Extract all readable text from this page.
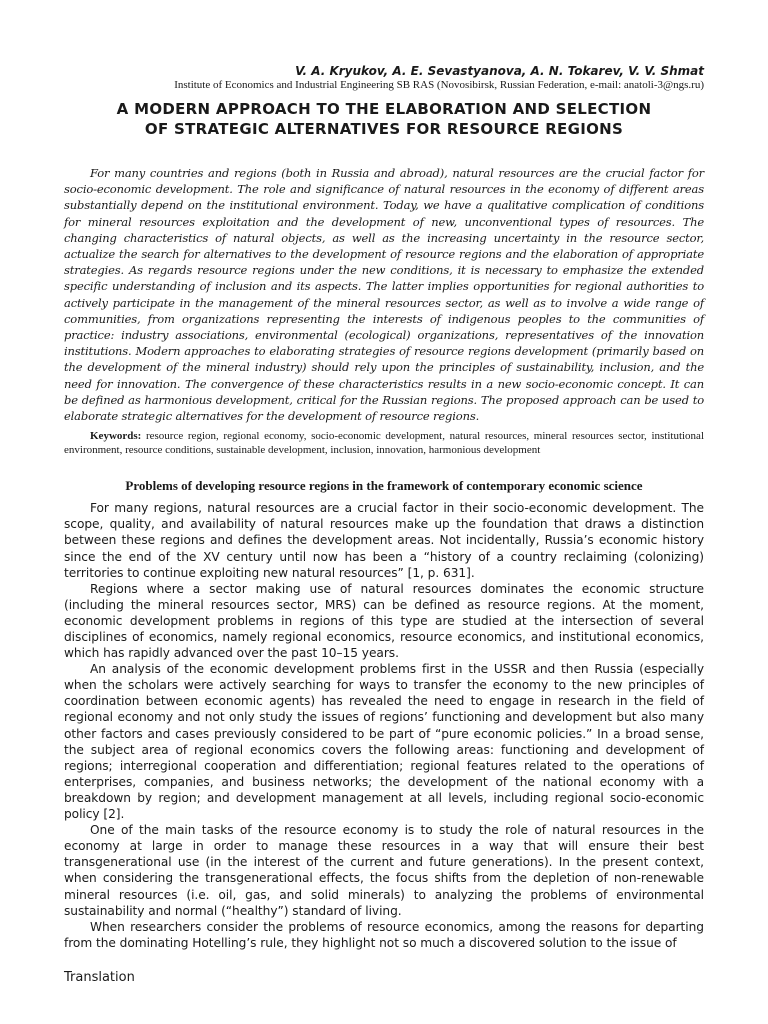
V. A. Kryukov, A. E. Sevastyanova, A. N. Tokarev, V. V. Shmat

Institute of Economics and Industrial Engineering SB RAS (Novosibirsk, Russian Federation, e-mail: anatoli-3@ngs.ru)

A MODERN APPROACH TO THE ELABORATION AND SELECTION
OF STRATEGIC ALTERNATIVES FOR RESOURCE REGIONS

For many countries and regions (both in Russia and abroad), natural resources are the crucial factor for socio-economic development. The role and significance of natural resources in the economy of different areas substantially depend on the institutional environment. Today, we have a qualitative complication of conditions for mineral resources exploitation and the development of new, unconventional types of resources. The changing characteristics of natural objects, as well as the increasing uncertainty in the resource sector, actualize the search for alternatives to the development of resource regions and the elaboration of appropriate strategies. As regards resource regions under the new conditions, it is necessary to emphasize the extended specific understanding of inclusion and its aspects. The latter implies opportunities for regional authorities to actively participate in the management of the mineral resources sector, as well as to involve a wide range of communities, from organizations representing the interests of indigenous peoples to the communities of practice: industry associations, environmental (ecological) organizations, representatives of the innovation institutions. Modern approaches to elaborating strategies of resource regions development (primarily based on the development of the mineral industry) should rely upon the principles of sustainability, inclusion, and the need for innovation. The convergence of these characteristics results in a new socio-economic concept. It can be defined as harmonious development, critical for the Russian regions. The proposed approach can be used to elaborate strategic alternatives for the development of resource regions.

Keywords: resource region, regional economy, socio-economic development, natural resources, mineral resources sector, institutional environment, resource conditions, sustainable development, inclusion, innovation, harmonious development

Problems of developing resource regions in the framework of contemporary economic science

For many regions, natural resources are a crucial factor in their socio-economic development. The scope, quality, and availability of natural resources make up the foundation that draws a distinction between these regions and defines the development areas. Not incidentally, Russia’s economic history since the end of the XV century until now has been a “history of a country reclaiming (colonizing) territories to continue exploiting new natural resources” [1, p. 631].

Regions where a sector making use of natural resources dominates the economic structure (including the mineral resources sector, MRS) can be defined as resource regions. At the moment, economic development problems in regions of this type are studied at the intersection of several disciplines of economics, namely regional economics, resource economics, and institutional economics, which has rapidly advanced over the past 10–15 years.

An analysis of the economic development problems first in the USSR and then Russia (especially when the scholars were actively searching for ways to transfer the economy to the new principles of coordination between economic agents) has revealed the need to engage in research in the field of regional economy and not only study the issues of regions’ functioning and development but also many other factors and cases previously considered to be part of “pure economic policies.” In a broad sense, the subject area of regional economics covers the following areas: functioning and development of regions; interregional cooperation and differentiation; regional features related to the operations of enterprises, companies, and business networks; the development of the national economy with a breakdown by region; and development management at all levels, including regional socio-economic policy [2].

One of the main tasks of the resource economy is to study the role of natural resources in the economy at large in order to manage these resources in a way that will ensure their best transgenerational use (in the interest of the current and future generations). In the present context, when considering the transgenerational effects, the focus shifts from the depletion of non-renewable mineral resources (i.e. oil, gas, and solid minerals) to analyzing the problems of environmental sustainability and normal (“healthy”) standard of living.

When researchers consider the problems of resource economics, among the reasons for departing from the dominating Hotelling’s rule, they highlight not so much a discovered solution to the issue of

Translation
